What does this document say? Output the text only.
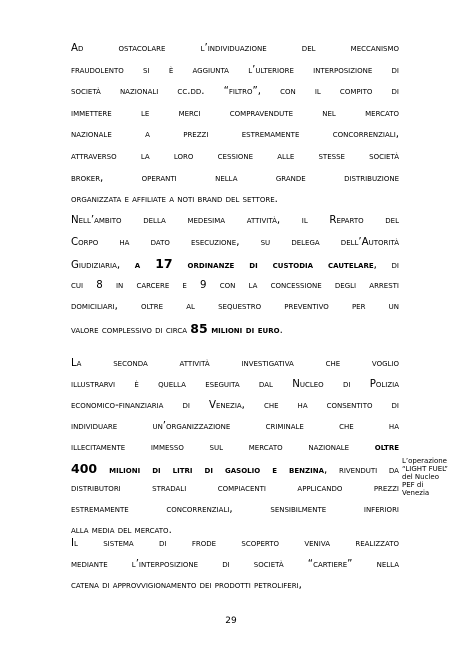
Ad ostacolare l’individuazione del meccanismo
fraudolento si è aggiunta l’ulteriore interposizione di
società nazionali cc.dd. “filtro”, con il compito di
immettere le merci compravendute nel mercato
nazionale a prezzi estremamente concorrenziali,
attraverso la loro cessione alle stesse società
broker, operanti nella grande distribuzione
organizzata e affiliate a noti brand del settore.
Nell’ambito della medesima attività, il Reparto del
Corpo ha dato esecuzione, su delega dell’Autorità
Giudiziaria, a 17 ordinanze di custodia cautelare, di
cui 8 in carcere e 9 con la concessione degli arresti
domiciliari, oltre al sequestro preventivo per un
valore complessivo di circa 85 milioni di euro.
La seconda attività investigativa che voglio
illustrarvi è quella eseguita dal Nucleo di Polizia
economico-finanziaria di Venezia, che ha consentito di
individuare un’organizzazione criminale che ha
illecitamente immesso sul mercato nazionale oltre
400 milioni di litri di gasolio e benzina, rivenduti da
distributori stradali compiacenti applicando prezzi
estremamente concorrenziali, sensibilmente inferiori
alla media del mercato.
Il sistema di frode scoperto veniva realizzato
mediante l’interposizione di società “cartiere” nella
catena di approvvigionamento dei prodotti petroliferi,
L’operazione
“LIGHT FUEL”
del Nucleo
PEF di
Venezia
29
